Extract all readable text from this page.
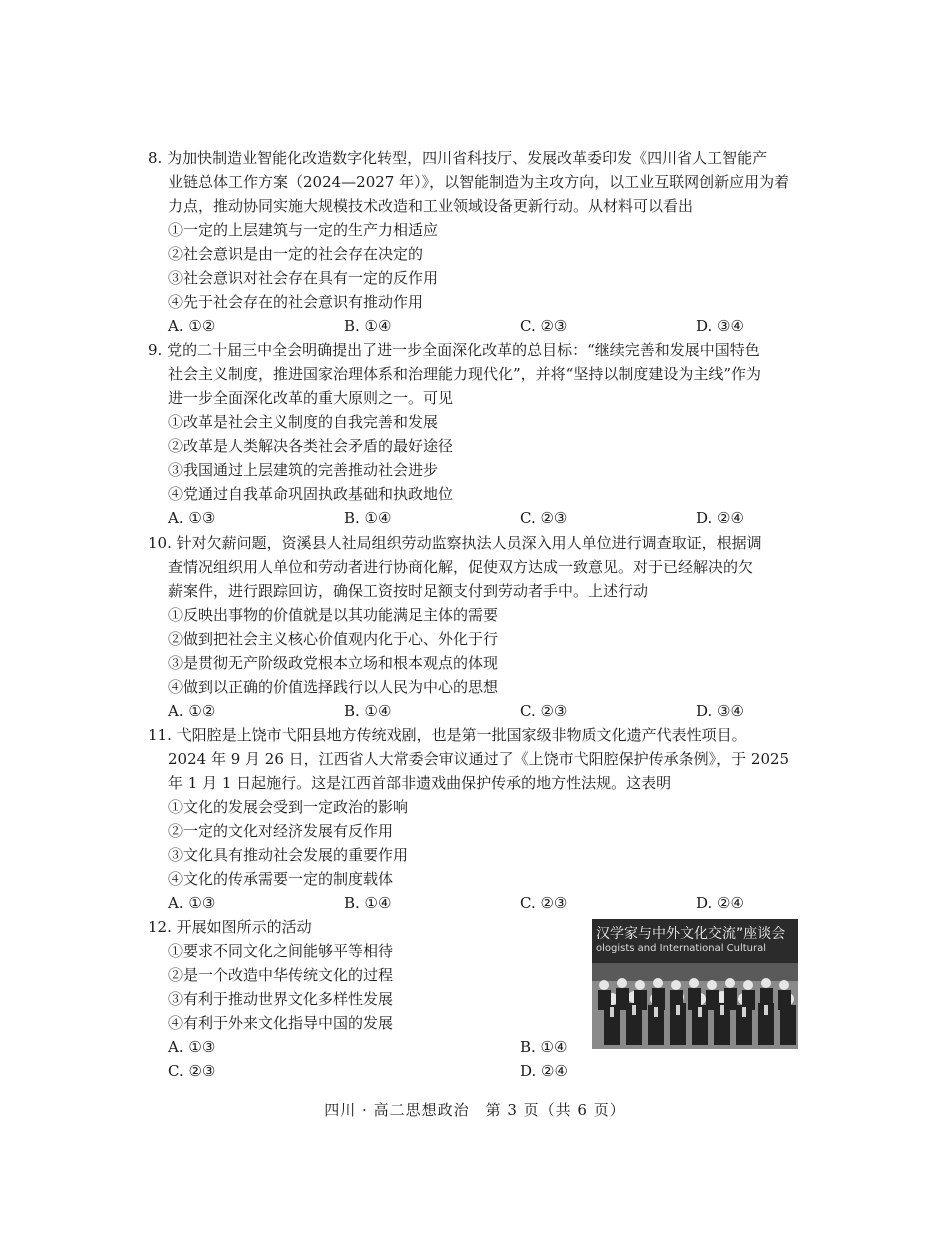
8. 为加快制造业智能化改造数字化转型，四川省科技厅、发展改革委印发《四川省人工智能产
业链总体工作方案（2024—2027 年）》，以智能制造为主攻方向，以工业互联网创新应用为着
力点，推动协同实施大规模技术改造和工业领域设备更新行动。从材料可以看出
①一定的上层建筑与一定的生产力相适应
②社会意识是由一定的社会存在决定的
③社会意识对社会存在具有一定的反作用
④先于社会存在的社会意识有推动作用
A. ①②	B. ①④	C. ②③	D. ③④
9. 党的二十届三中全会明确提出了进一步全面深化改革的总目标：“继续完善和发展中国特色
社会主义制度，推进国家治理体系和治理能力现代化”，并将“坚持以制度建设为主线”作为
进一步全面深化改革的重大原则之一。可见
①改革是社会主义制度的自我完善和发展
②改革是人类解决各类社会矛盾的最好途径
③我国通过上层建筑的完善推动社会进步
④党通过自我革命巩固执政基础和执政地位
A. ①③	B. ①④	C. ②③	D. ②④
10. 针对欠薪问题，资溪县人社局组织劳动监察执法人员深入用人单位进行调查取证，根据调
查情况组织用人单位和劳动者进行协商化解，促使双方达成一致意见。对于已经解决的欠
薪案件，进行跟踪回访，确保工资按时足额支付到劳动者手中。上述行动
①反映出事物的价值就是以其功能满足主体的需要
②做到把社会主义核心价值观内化于心、外化于行
③是贯彻无产阶级政党根本立场和根本观点的体现
④做到以正确的价值选择践行以人民为中心的思想
A. ①②	B. ①④	C. ②③	D. ③④
11. 弋阳腔是上饶市弋阳县地方传统戏剧，也是第一批国家级非物质文化遗产代表性项目。
2024 年 9 月 26 日，江西省人大常委会审议通过了《上饶市弋阳腔保护传承条例》，于 2025
年 1 月 1 日起施行。这是江西首部非遗戏曲保护传承的地方性法规。这表明
①文化的发展会受到一定政治的影响
②一定的文化对经济发展有反作用
③文化具有推动社会发展的重要作用
④文化的传承需要一定的制度载体
A. ①③	B. ①④	C. ②③	D. ②④
12. 开展如图所示的活动
①要求不同文化之间能够平等相待
②是一个改造中华传统文化的过程
③有利于推动世界文化多样性发展
④有利于外来文化指导中国的发展
A. ①③	B. ①④
C. ②③	D. ②④
汉学家与中外文化交流”座谈会
ologists and International Cultural
四川 · 高二思想政治　第 3 页（共 6 页）
